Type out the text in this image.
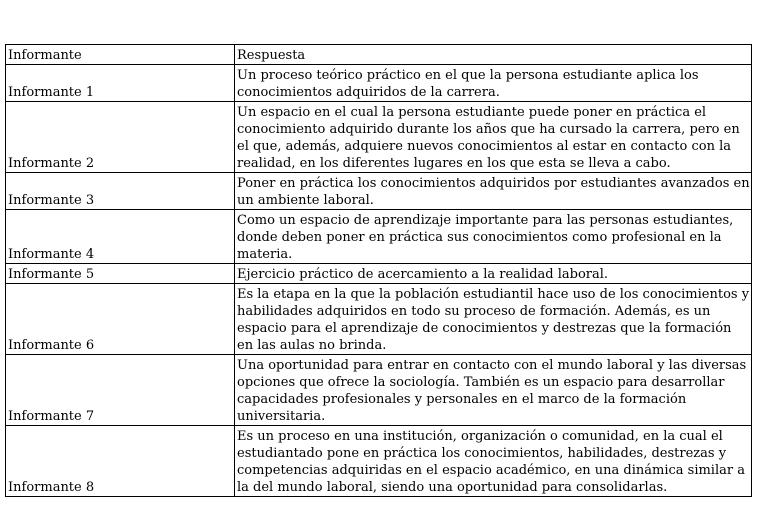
Informante	Respuesta
Informante 1	Un proceso teórico práctico en el que la persona estudiante aplica los conocimientos adquiridos de la carrera.
Informante 2	Un espacio en el cual la persona estudiante puede poner en práctica el conocimiento adquirido durante los años que ha cursado la carrera, pero en el que, además, adquiere nuevos conocimientos al estar en contacto con la realidad, en los diferentes lugares en los que esta se lleva a cabo.
Informante 3	Poner en práctica los conocimientos adquiridos por estudiantes avanzados en un ambiente laboral.
Informante 4	Como un espacio de aprendizaje importante para las personas estudiantes, donde deben poner en práctica sus conocimientos como profesional en la materia.
Informante 5	Ejercicio práctico de acercamiento a la realidad laboral.
Informante 6	Es la etapa en la que la población estudiantil hace uso de los conocimientos y habilidades adquiridos en todo su proceso de formación. Además, es un espacio para el aprendizaje de conocimientos y destrezas que la formación en las aulas no brinda.
Informante 7	Una oportunidad para entrar en contacto con el mundo laboral y las diversas opciones que ofrece la sociología. También es un espacio para desarrollar capacidades profesionales y personales en el marco de la formación universitaria.
Informante 8	Es un proceso en una institución, organización o comunidad, en la cual el estudiantado pone en práctica los conocimientos, habilidades, destrezas y competencias adquiridas en el espacio académico, en una dinámica similar a la del mundo laboral, siendo una oportunidad para consolidarlas.
